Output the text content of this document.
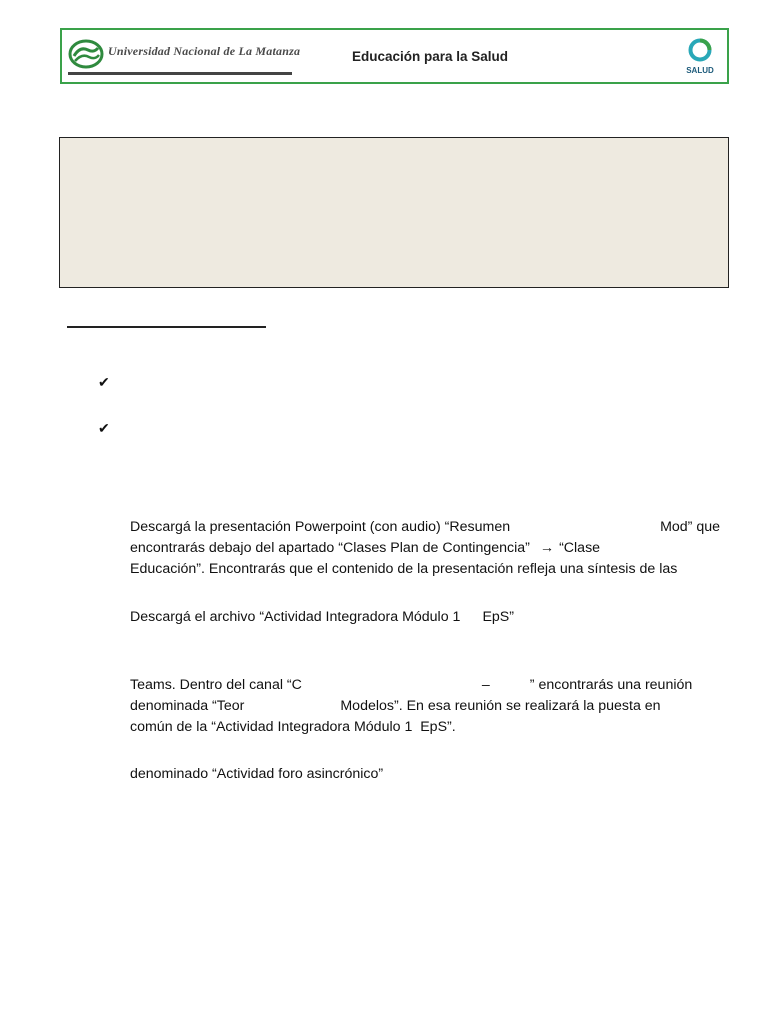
Universidad Nacional de La Matanza	Educación para la Salud
SALUD
✔
✔
Descargá la presentación Powerpoint (con audio) “Resumen	Mod” que
encontrarás debajo del apartado “Clases Plan de Contingencia” → “Clase
Educación”. Encontrarás que el contenido de la presentación refleja una síntesis de las
Descargá el archivo “Actividad Integradora Módulo 1 EpS”
Teams. Dentro del canal “C	–	” encontrarás una reunión
denominada “Teor	Modelos”. En esa reunión se realizará la puesta en
común de la “Actividad Integradora Módulo 1  EpS”.
denominado “Actividad foro asincrónico”
